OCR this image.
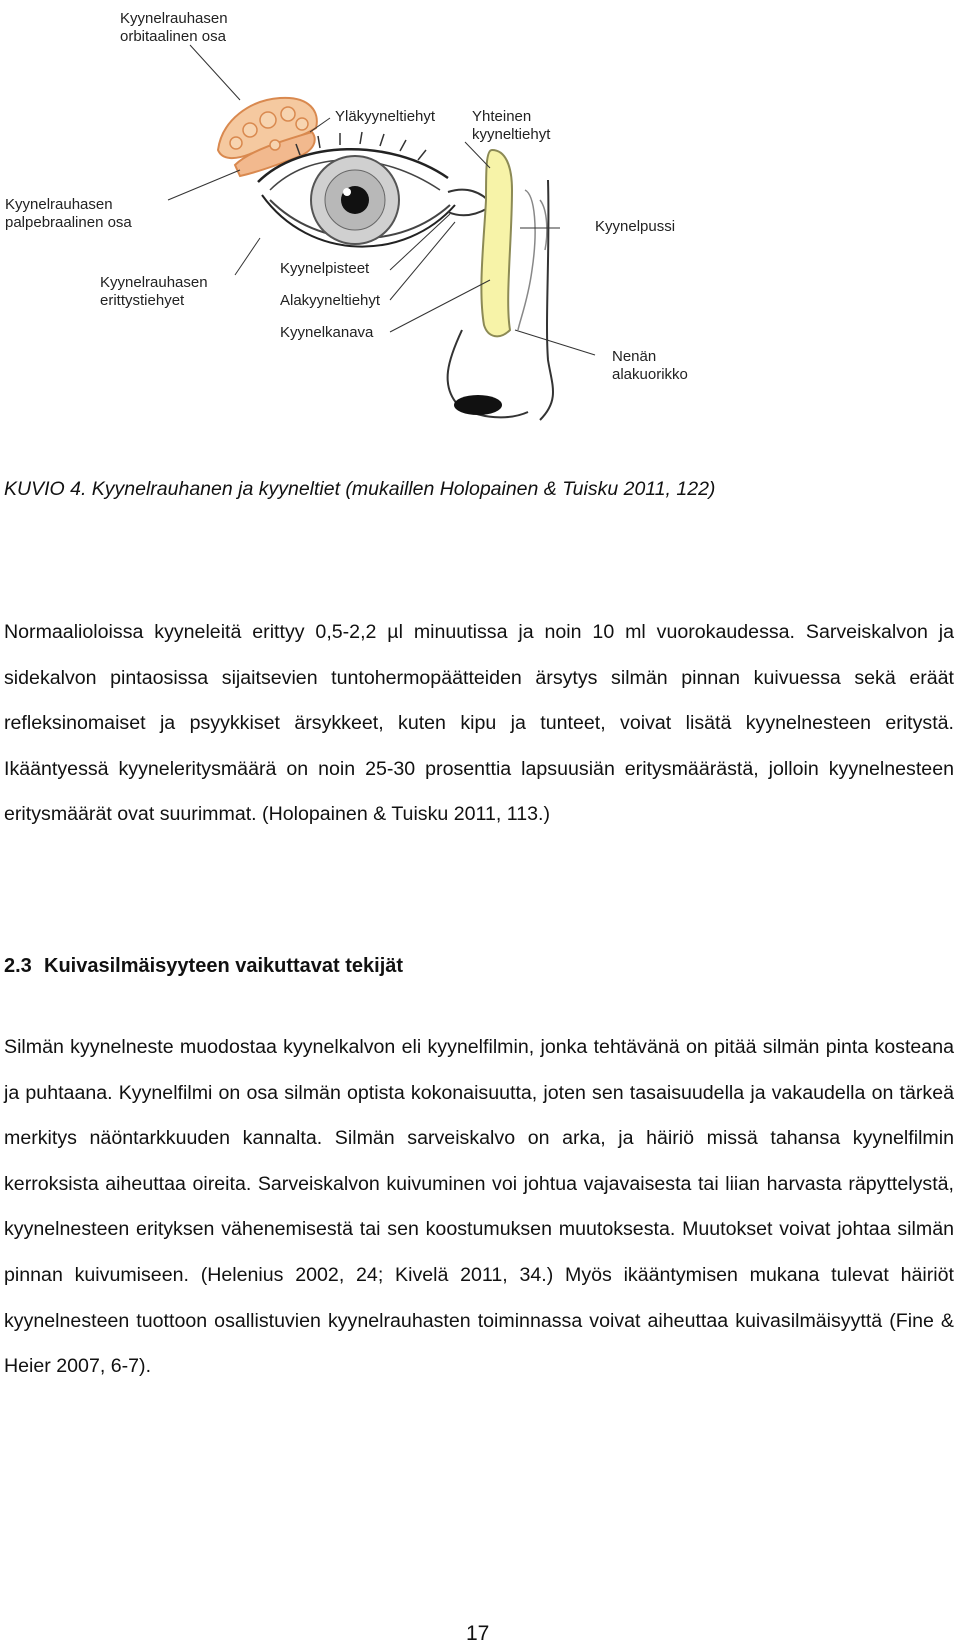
Kyynelrauhasen
orbitaalinen osa
Yläkyyneltiehyt Yhteinen
kyyneltiehyt
Kyynelrauhasen
palpebraalinen osa	Kyynelpussi
Kyynelpisteet
Kyynelrauhasen
erittystiehyet	Alakyyneltiehyt
Kyynelkanava
Nenän alakuorikko
KUVIO 4. Kyynelrauhanen ja kyyneltiet (mukaillen Holopainen & Tuisku 2011, 122)

Normaalioloissa kyyneleitä erittyy 0,5-2,2 µl minuutissa ja noin 10 ml vuorokaudessa. Sarveiskalvon ja sidekalvon pintaosissa sijaitsevien tuntohermopäätteiden ärsytys silmän pinnan kuivuessa sekä eräät refleksinomaiset ja psyykkiset ärsykkeet, kuten kipu ja tunteet, voivat lisätä kyynelnesteen eritystä. Ikääntyessä kyyneleritysmäärä on noin 25-30 prosenttia lapsuusiän eritysmäärästä, jolloin kyynelnesteen eritysmäärät ovat suurimmat. (Holopainen & Tuisku 2011, 113.)

2.3 Kuivasilmäisyyteen vaikuttavat tekijät

Silmän kyynelneste muodostaa kyynelkalvon eli kyynelfilmin, jonka tehtävänä on pitää silmän pinta kosteana ja puhtaana. Kyynelfilmi on osa silmän optista kokonaisuutta, joten sen tasaisuudella ja vakaudella on tärkeä merkitys näöntarkkuuden kannalta. Silmän sarveiskalvo on arka, ja häiriö missä tahansa kyynelfilmin kerroksista aiheuttaa oireita. Sarveiskalvon kuivuminen voi johtua vajavaisesta tai liian harvasta räpyttelystä, kyynelnesteen erityksen vähenemisestä tai sen koostumuksen muutoksesta. Muutokset voivat johtaa silmän pinnan kuivumiseen. (Helenius 2002, 24; Kivelä 2011, 34.) Myös ikääntymisen mukana tulevat häiriöt kyynelnesteen tuottoon osallistuvien kyynelrauhasten toiminnassa voivat aiheuttaa kuivasilmäisyyttä (Fine & Heier 2007, 6-7).

17
